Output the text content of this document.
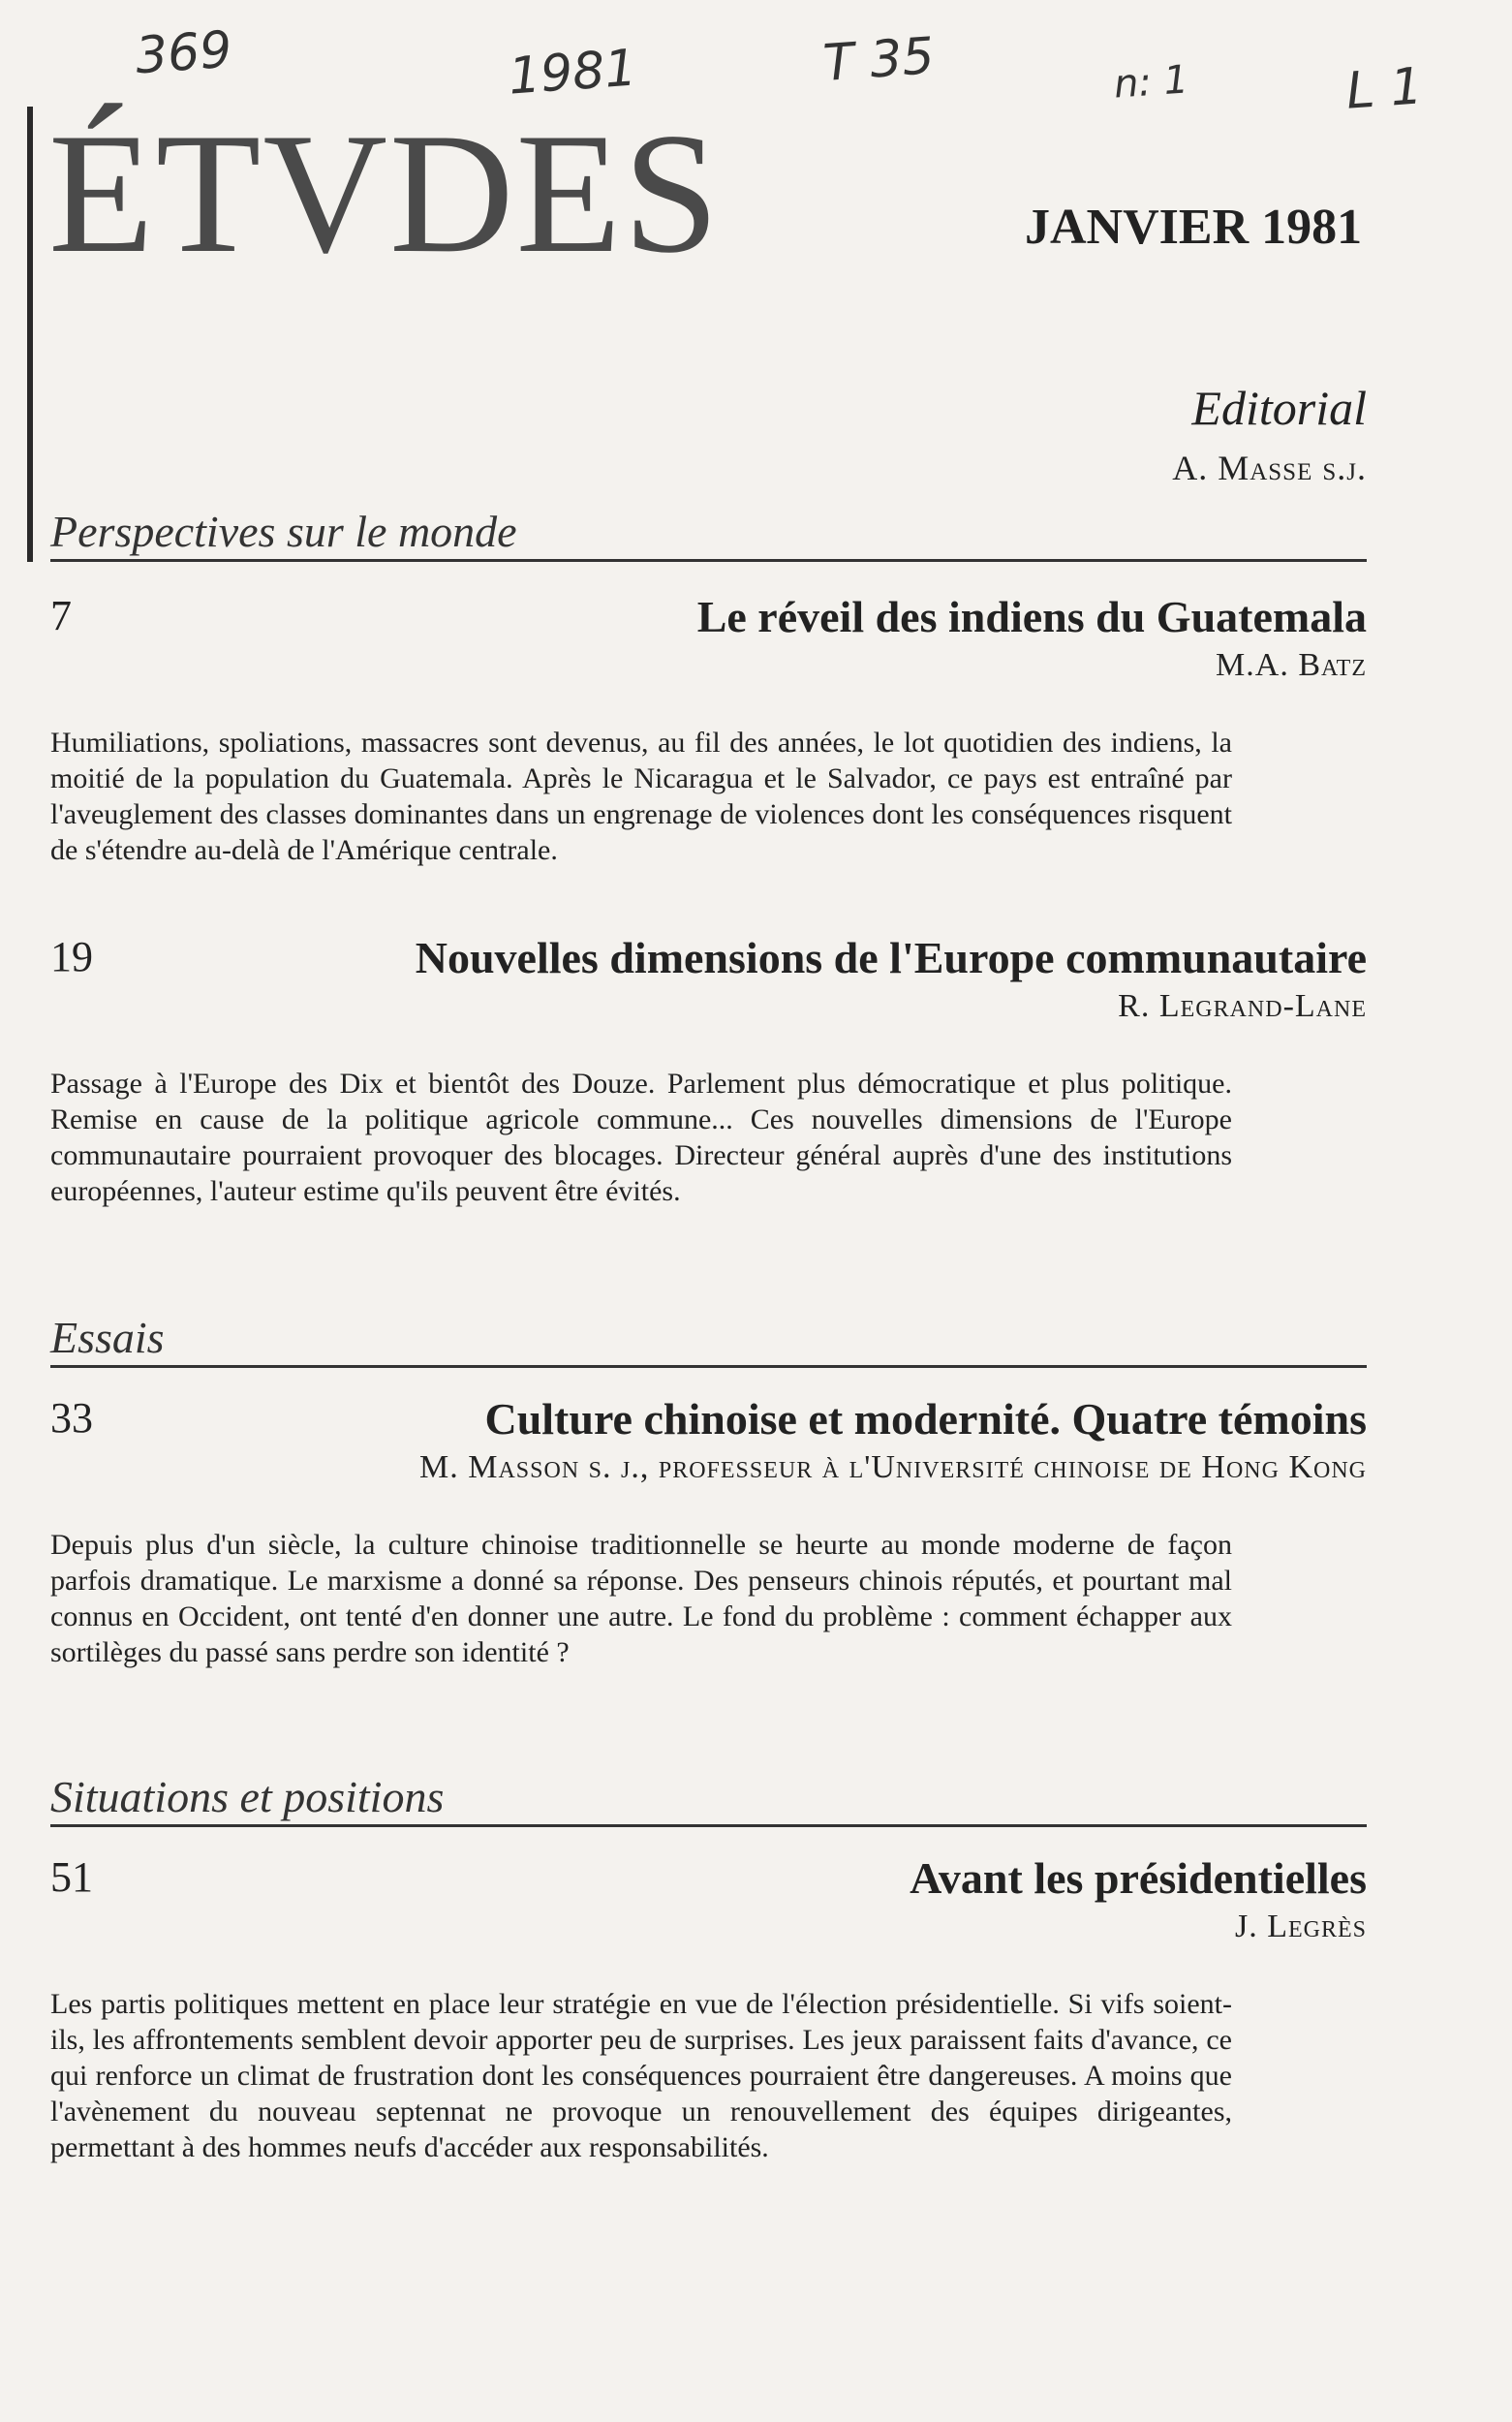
369	1981	T 35	n: 1	L 1
ÉTVDES	JANVIER 1981
Editorial
A. Masse s.j.
Perspectives sur le monde
7	Le réveil des indiens du Guatemala
M.A. Batz
Humiliations, spoliations, massacres sont devenus, au fil des années, le lot quotidien des indiens, la moitié de la population du Guatemala. Après le Nicaragua et le Salvador, ce pays est entraîné par l'aveuglement des classes dominantes dans un engrenage de violences dont les conséquences risquent de s'étendre au-delà de l'Amérique centrale.
19	Nouvelles dimensions de l'Europe communautaire
R. Legrand-Lane
Passage à l'Europe des Dix et bientôt des Douze. Parlement plus démocratique et plus politique. Remise en cause de la politique agricole commune... Ces nouvelles dimensions de l'Europe communautaire pourraient provoquer des blocages. Directeur général auprès d'une des institutions européennes, l'auteur estime qu'ils peuvent être évités.
Essais
33	Culture chinoise et modernité. Quatre témoins
M. Masson s. j., professeur à l'Université chinoise de Hong Kong
Depuis plus d'un siècle, la culture chinoise traditionnelle se heurte au monde moderne de façon parfois dramatique. Le marxisme a donné sa réponse. Des penseurs chinois réputés, et pourtant mal connus en Occident, ont tenté d'en donner une autre. Le fond du problème : comment échapper aux sortilèges du passé sans perdre son identité ?
Situations et positions
51	Avant les présidentielles
J. Legrès
Les partis politiques mettent en place leur stratégie en vue de l'élection présidentielle. Si vifs soient-ils, les affrontements semblent devoir apporter peu de surprises. Les jeux paraissent faits d'avance, ce qui renforce un climat de frustration dont les conséquences pourraient être dangereuses. A moins que l'avènement du nouveau septennat ne provoque un renouvellement des équipes dirigeantes, permettant à des hommes neufs d'accéder aux responsabilités.
